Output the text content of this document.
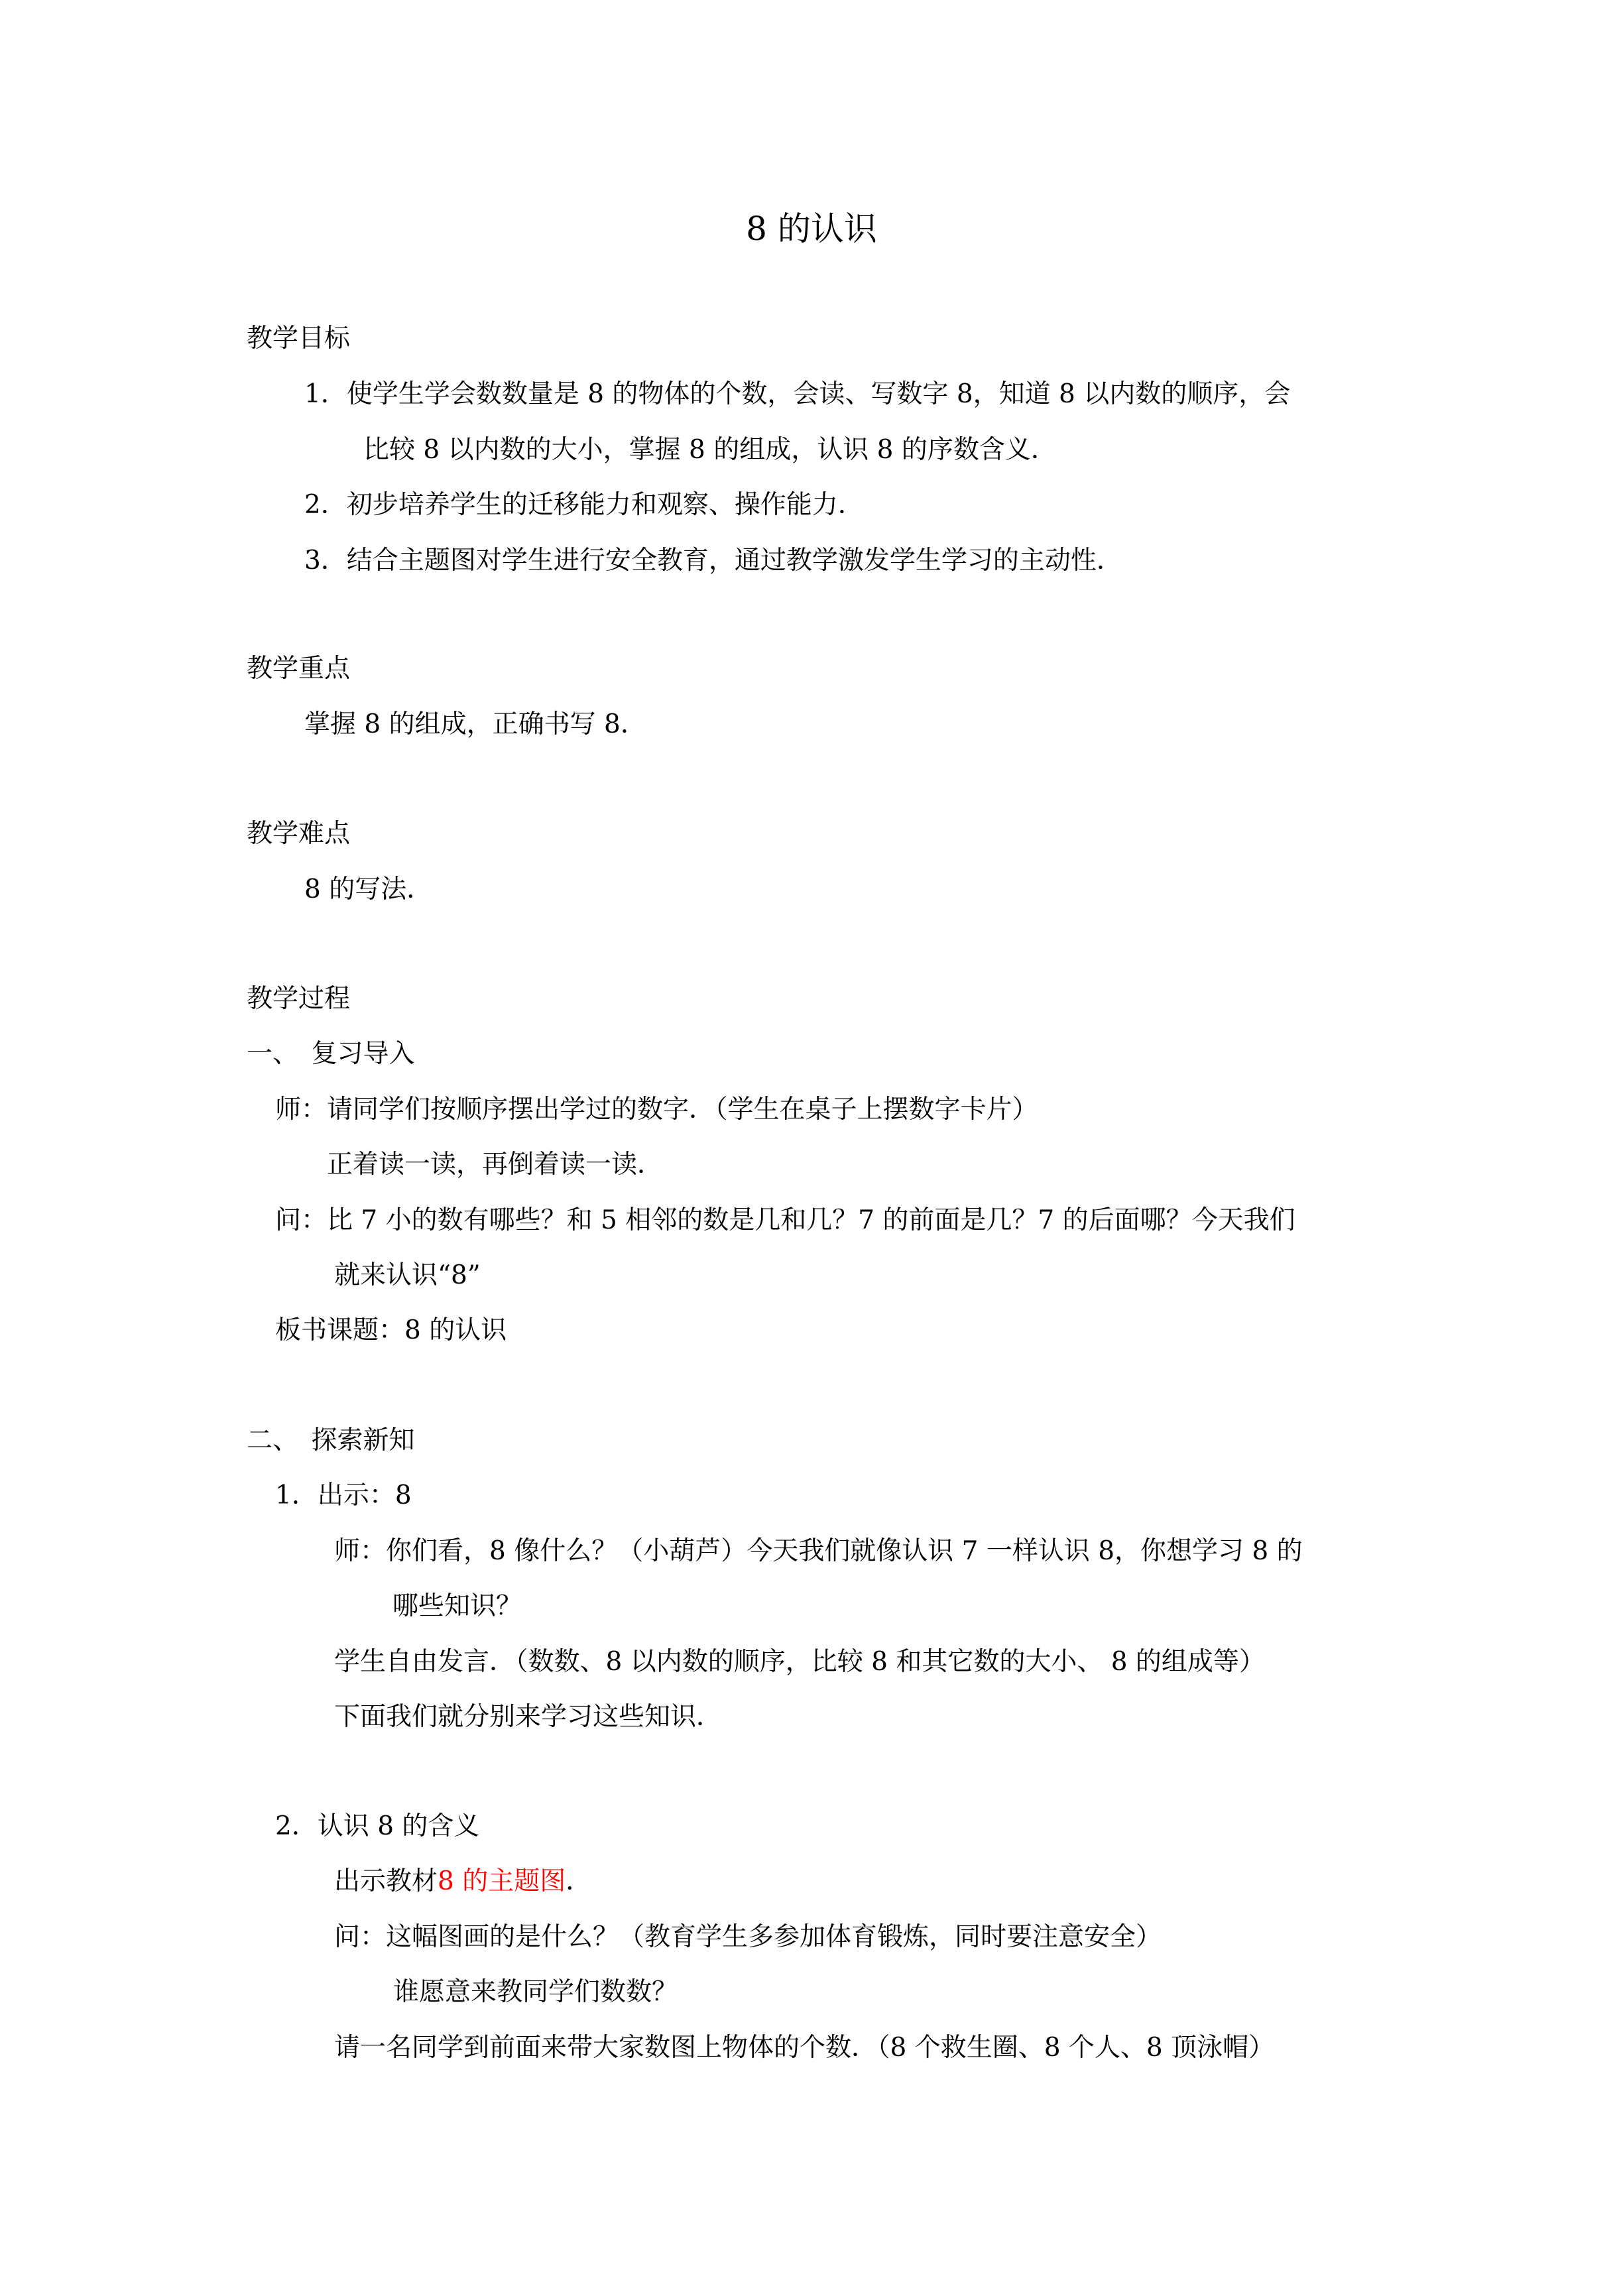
8 的认识
教学目标
1．使学生学会数数量是 8 的物体的个数，会读、写数字 8，知道 8 以内数的顺序，会
比较 8 以内数的大小，掌握 8 的组成，认识 8 的序数含义．
2．初步培养学生的迁移能力和观察、操作能力．
3．结合主题图对学生进行安全教育，通过教学激发学生学习的主动性．
教学重点
掌握 8 的组成，正确书写 8．
教学难点
8 的写法．
教学过程
一、　复习导入
师：请同学们按顺序摆出学过的数字．（学生在桌子上摆数字卡片）
正着读一读，再倒着读一读．
问：比 7 小的数有哪些？和 5 相邻的数是几和几？7 的前面是几？7 的后面哪？今天我们
就来认识“8”
板书课题：8 的认识
二、　探索新知
1．出示：8
师：你们看，8 像什么？（小葫芦）今天我们就像认识 7 一样认识 8，你想学习 8 的
哪些知识？
学生自由发言．（数数、8 以内数的顺序，比较 8 和其它数的大小、 8 的组成等）
下面我们就分别来学习这些知识．
2．认识 8 的含义
出示教材8 的主题图．
问：这幅图画的是什么？（教育学生多参加体育锻炼，同时要注意安全）
谁愿意来教同学们数数？
请一名同学到前面来带大家数图上物体的个数．（8 个救生圈、8 个人、8 顶泳帽）
